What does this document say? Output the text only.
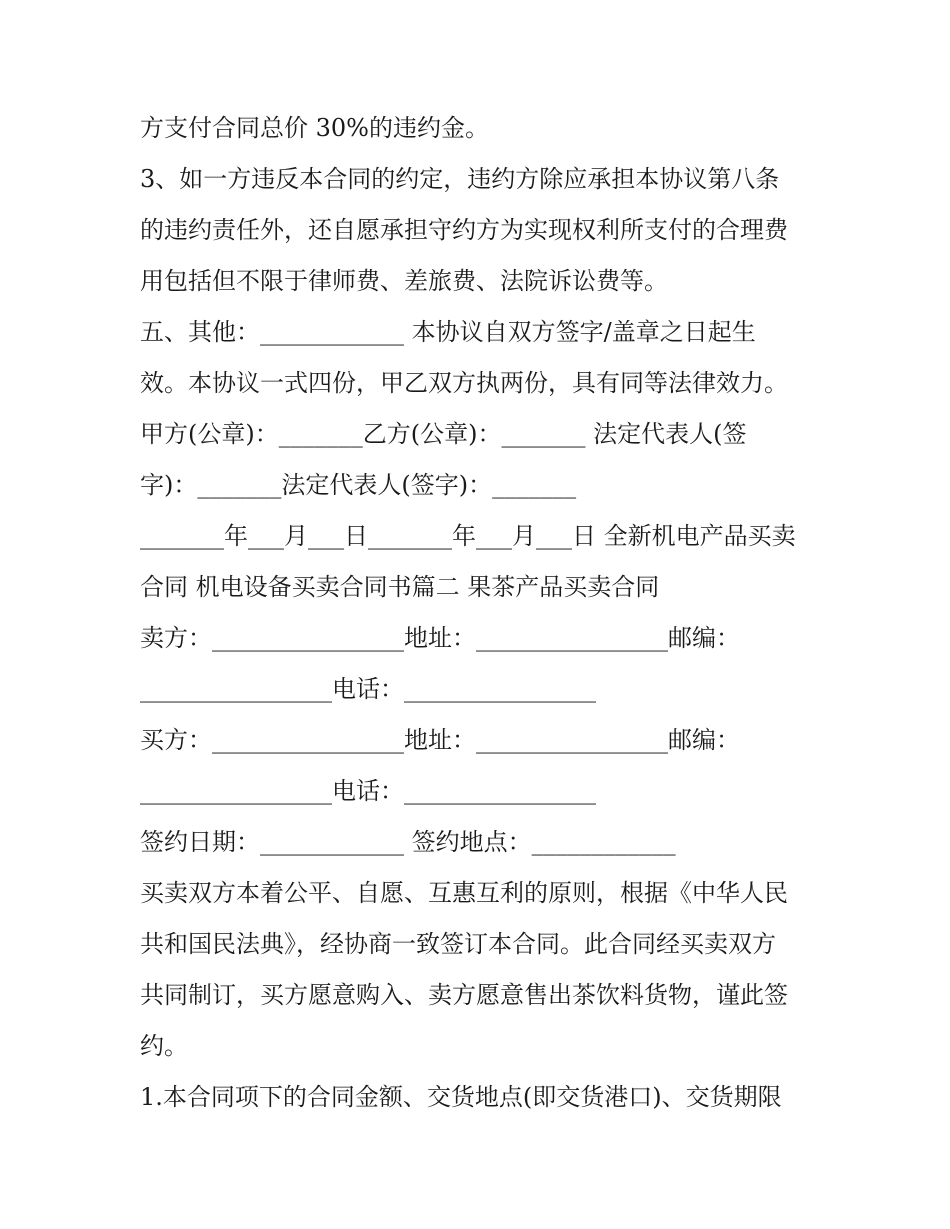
方支付合同总价 30%的违约金。
3、如一方违反本合同的约定，违约方除应承担本协议第八条
的违约责任外，还自愿承担守约方为实现权利所支付的合理费
用包括但不限于律师费、差旅费、法院诉讼费等。
五、其他：____________ 本协议自双方签字/盖章之日起生
效。本协议一式四份，甲乙双方执两份，具有同等法律效力。
甲方(公章)：_______乙方(公章)：_______ 法定代表人(签
字)：_______法定代表人(签字)：_______
_______年___月___日_______年___月___日 全新机电产品买卖
合同 机电设备买卖合同书篇二 果茶产品买卖合同
卖方：________________地址：________________邮编：
________________电话：________________
买方：________________地址：________________邮编：
________________电话：________________
签约日期：____________ 签约地点：____________
买卖双方本着公平、自愿、互惠互利的原则，根据《中华人民
共和国民法典》，经协商一致签订本合同。此合同经买卖双方
共同制订，买方愿意购入、卖方愿意售出茶饮料货物，谨此签
约。
1.本合同项下的合同金额、交货地点(即交货港口)、交货期限
